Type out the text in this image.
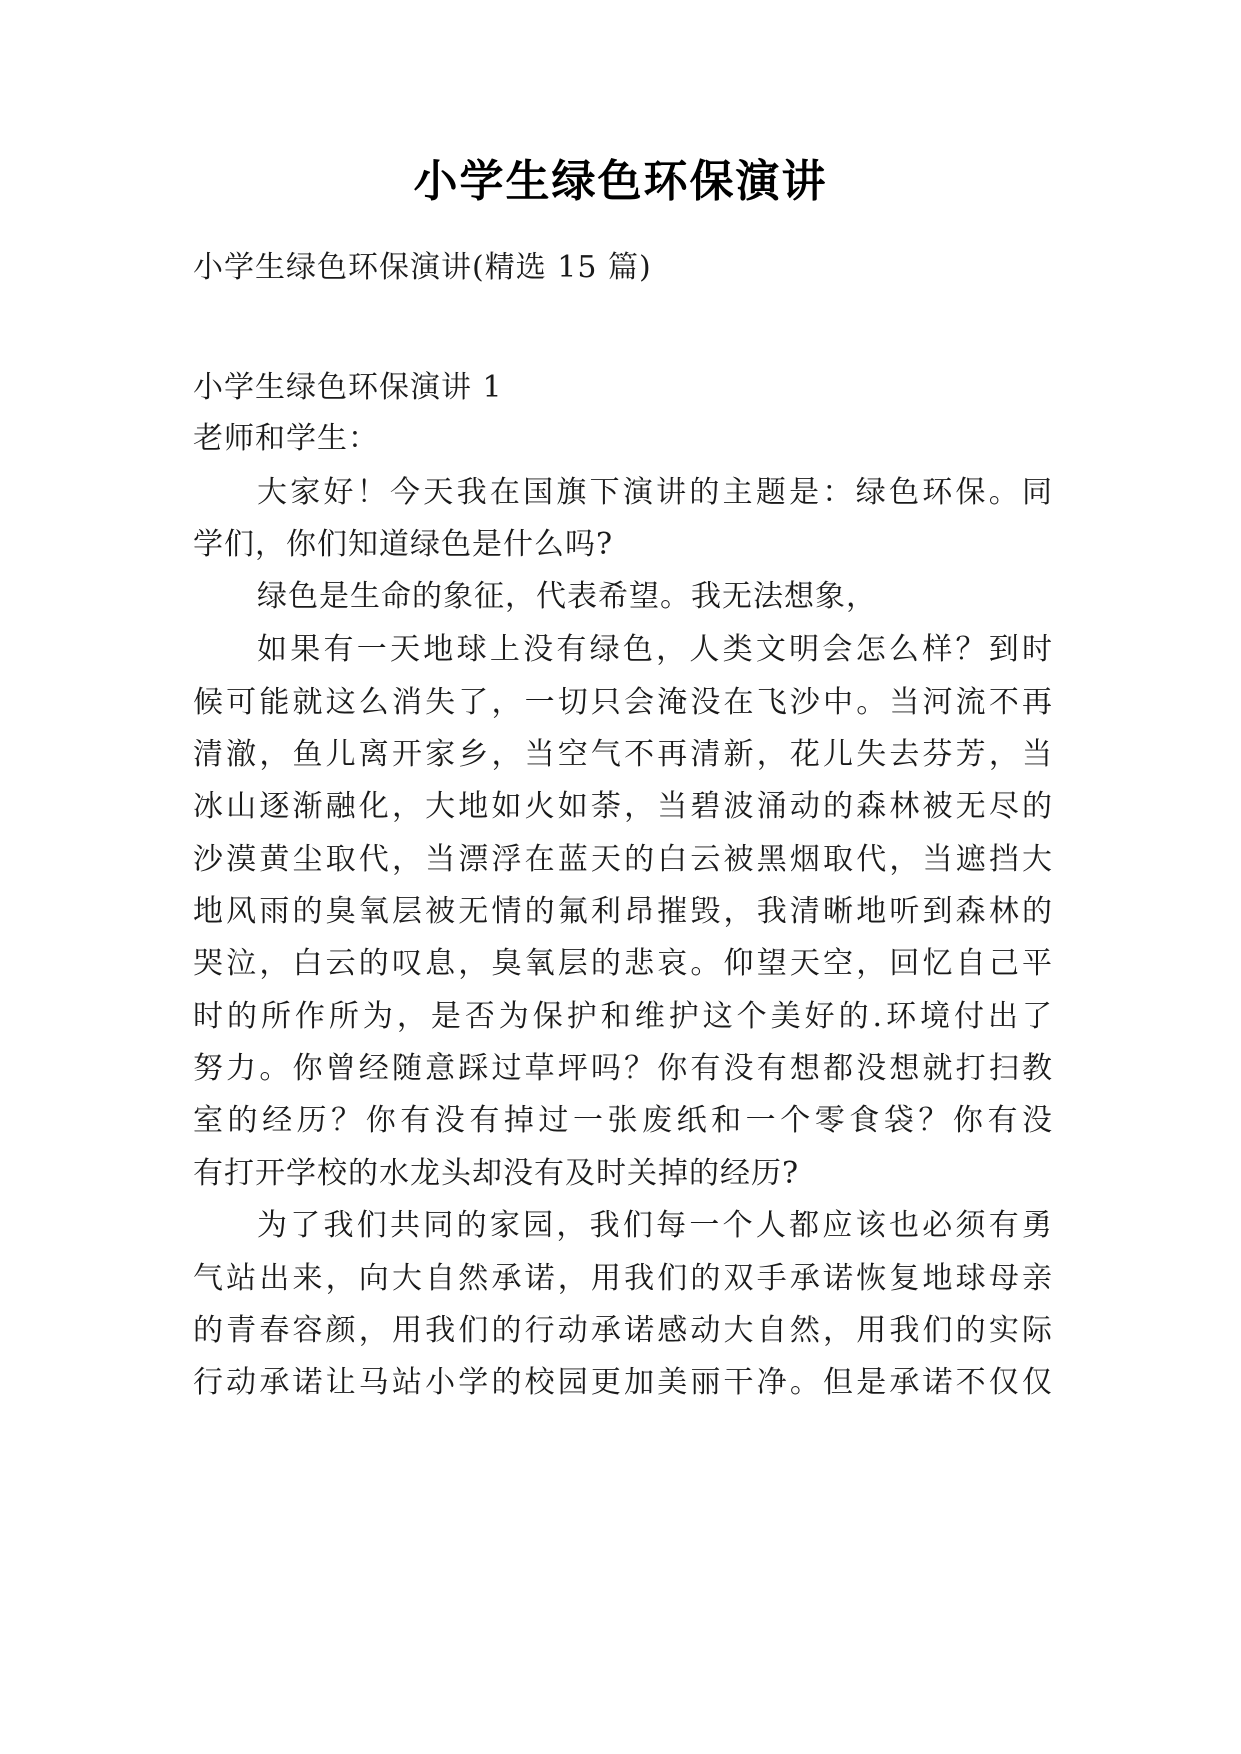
小学生绿色环保演讲
小学生绿色环保演讲(精选 15 篇)
小学生绿色环保演讲 1
老师和学生：
大家好！今天我在国旗下演讲的主题是：绿色环保。同
学们，你们知道绿色是什么吗?
绿色是生命的象征，代表希望。我无法想象，
如果有一天地球上没有绿色，人类文明会怎么样？到时
候可能就这么消失了，一切只会淹没在飞沙中。当河流不再
清澈，鱼儿离开家乡，当空气不再清新，花儿失去芬芳，当
冰山逐渐融化，大地如火如荼，当碧波涌动的森林被无尽的
沙漠黄尘取代，当漂浮在蓝天的白云被黑烟取代，当遮挡大
地风雨的臭氧层被无情的氟利昂摧毁，我清晰地听到森林的
哭泣，白云的叹息，臭氧层的悲哀。仰望天空，回忆自己平
时的所作所为，是否为保护和维护这个美好的.环境付出了
努力。你曾经随意踩过草坪吗？你有没有想都没想就打扫教
室的经历？你有没有掉过一张废纸和一个零食袋？你有没
有打开学校的水龙头却没有及时关掉的经历?
为了我们共同的家园，我们每一个人都应该也必须有勇
气站出来，向大自然承诺，用我们的双手承诺恢复地球母亲
的青春容颜，用我们的行动承诺感动大自然，用我们的实际
行动承诺让马站小学的校园更加美丽干净。但是承诺不仅仅
